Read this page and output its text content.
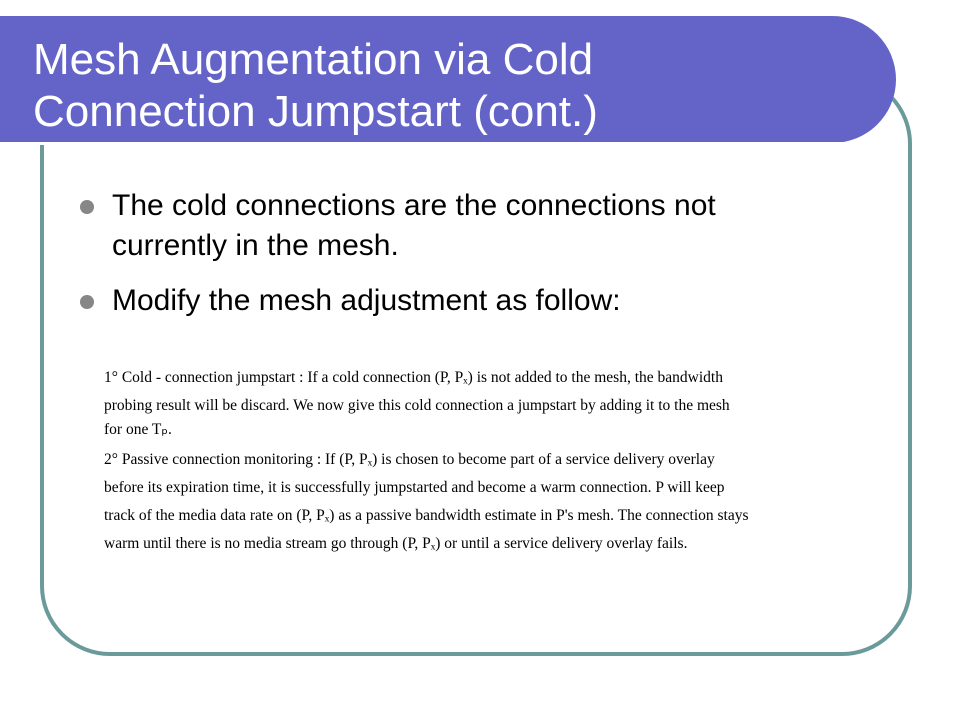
Mesh Augmentation via Cold
Connection Jumpstart (cont.)
The cold connections are the connections not
currently in the mesh.
Modify the mesh adjustment as follow:
1° Cold - connection jumpstart : If a cold connection (P, Pₓ) is not added to the mesh, the bandwidth
probing result will be discard. We now give this cold connection a jumpstart by adding it to the mesh
for one Tₚ.
2° Passive connection monitoring : If (P, Pₓ) is chosen to become part of a service delivery overlay
before its expiration time, it is successfully jumpstarted and become a warm connection. P will keep
track of the media data rate on (P, Pₓ) as a passive bandwidth estimate in P's mesh. The connection stays
warm until there is no media stream go through (P, Pₓ) or until a service delivery overlay fails.
